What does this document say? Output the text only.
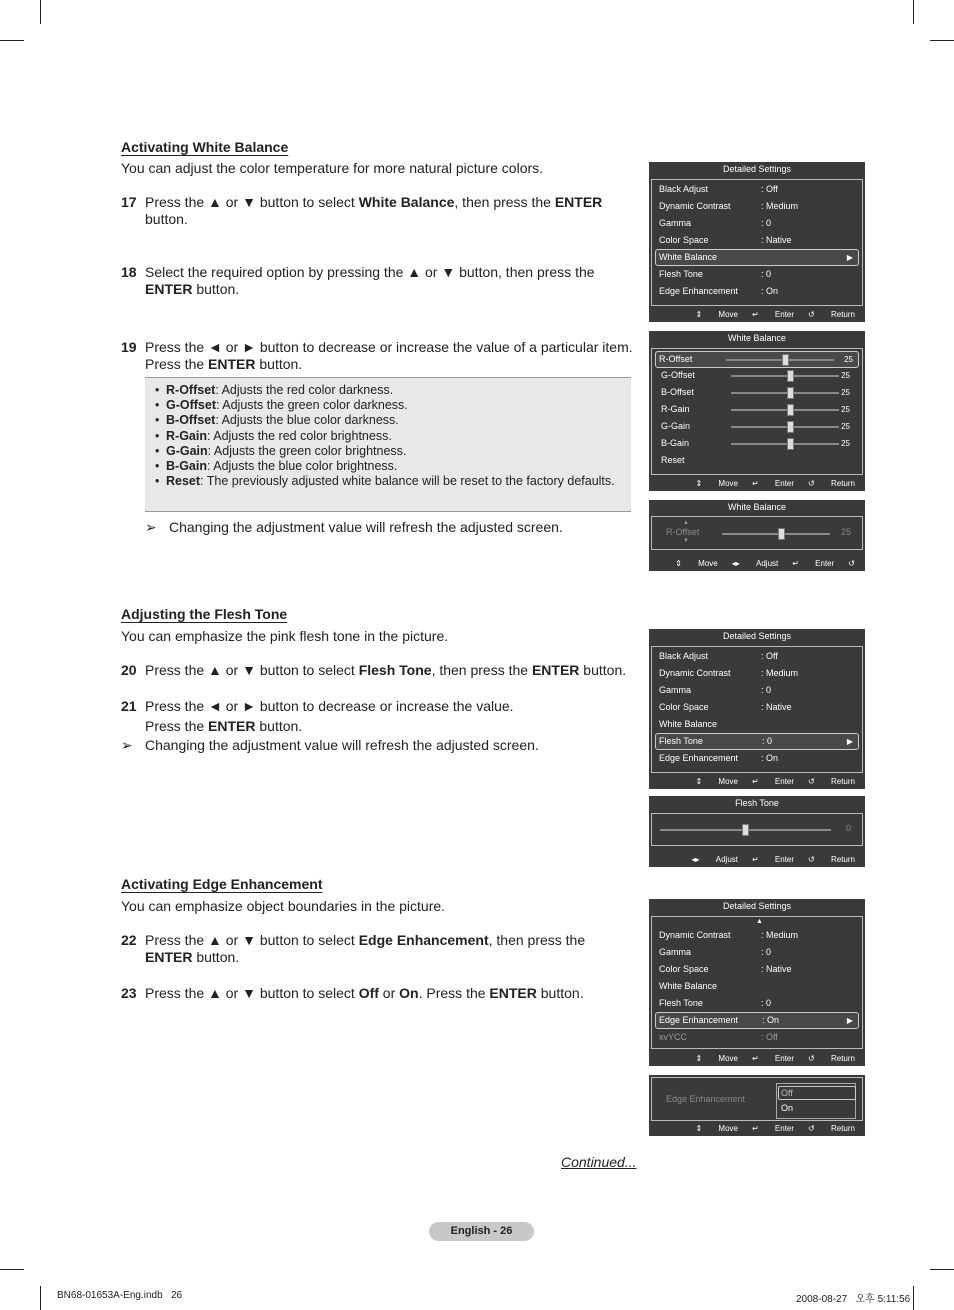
Activating White Balance
You can adjust the color temperature for more natural picture colors.
17 Press the ▲ or ▼ button to select White Balance, then press the ENTER button.
18 Select the required option by pressing the ▲ or ▼ button, then press the ENTER button.
19 Press the ◄ or ► button to decrease or increase the value of a particular item. Press the ENTER button.
• R-Offset: Adjusts the red color darkness.
• G-Offset: Adjusts the green color darkness.
• B-Offset: Adjusts the blue color darkness.
• R-Gain: Adjusts the red color brightness.
• G-Gain: Adjusts the green color brightness.
• B-Gain: Adjusts the blue color brightness.
• Reset: The previously adjusted white balance will be reset to the factory defaults.
➢ Changing the adjustment value will refresh the adjusted screen.
Adjusting the Flesh Tone
You can emphasize the pink flesh tone in the picture.
20 Press the ▲ or ▼ button to select Flesh Tone, then press the ENTER button.
21 Press the ◄ or ► button to decrease or increase the value.
Press the ENTER button.
➢ Changing the adjustment value will refresh the adjusted screen.
Activating Edge Enhancement
You can emphasize object boundaries in the picture.
22 Press the ▲ or ▼ button to select Edge Enhancement, then press the ENTER button.
23 Press the ▲ or ▼ button to select Off or On. Press the ENTER button.
Continued...
Detailed Settings
Black Adjust	: Off
Dynamic Contrast	: Medium
Gamma	: 0
Color Space	: Native
White Balance	▶
Flesh Tone	: 0
Edge Enhancement	: On
⇕ Move ↵ Enter ↺ Return
White Balance
R-Offset	25
G-Offset	25
B-Offset	25
R-Gain	25
G-Gain	25
B-Gain	25
Reset
⇕ Move ↵ Enter ↺ Return
White Balance
▲
R-Offset
▼
25
⇕ Move ◂▸ Adjust ↵ Enter ↺ Return
Detailed Settings
Black Adjust	: Off
Dynamic Contrast	: Medium
Gamma	: 0
Color Space	: Native
White Balance
Flesh Tone	: 0	▶
Edge Enhancement	: On
⇕ Move ↵ Enter ↺ Return
Flesh Tone
0
◂▸ Adjust ↵ Enter ↺ Return
Detailed Settings
▲
Dynamic Contrast	: Medium
Gamma	: 0
Color Space	: Native
White Balance
Flesh Tone	: 0
Edge Enhancement	: On	▶
xvYCC	: Off
⇕ Move ↵ Enter ↺ Return
Edge Enhancement
Off
On
⇕ Move ↵ Enter ↺ Return
English - 26
BN68-01653A-Eng.indb   26	2008-08-27   오후 5:11:56
